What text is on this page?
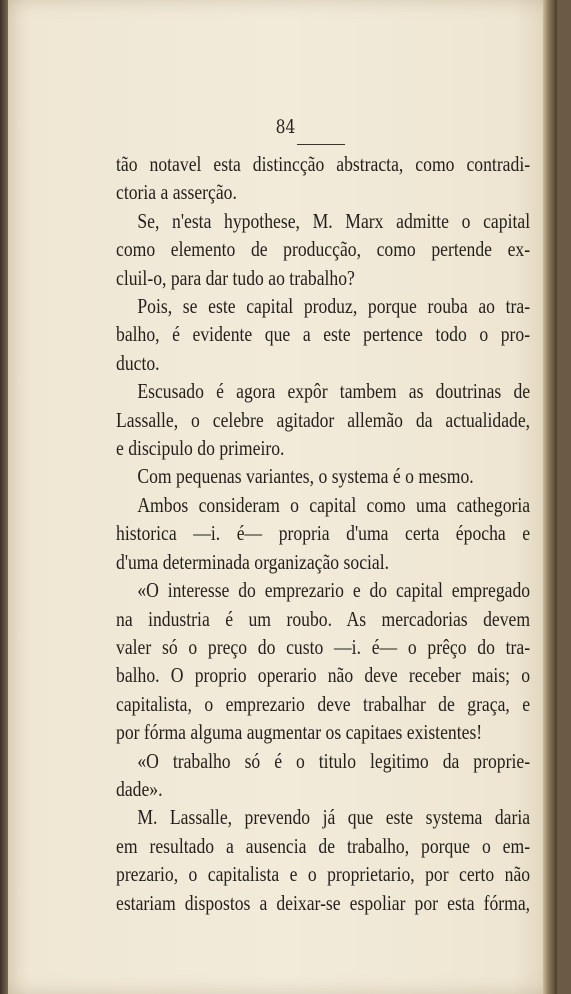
84
tão notavel esta distincção abstracta, como contradi-
ctoria a asserção.
Se, n'esta hypothese, M. Marx admitte o capital
como elemento de producção, como pertende ex-
cluil-o, para dar tudo ao trabalho?
Pois, se este capital produz, porque rouba ao tra-
balho, é evidente que a este pertence todo o pro-
ducto.
Escusado é agora expôr tambem as doutrinas de
Lassalle, o celebre agitador allemão da actualidade,
e discipulo do primeiro.
Com pequenas variantes, o systema é o mesmo.
Ambos consideram o capital como uma cathegoria
historica —i. é— propria d'uma certa épocha e
d'uma determinada organização social.
«O interesse do emprezario e do capital empregado
na industria é um roubo. As mercadorias devem
valer só o preço do custo —i. é— o prêço do tra-
balho. O proprio operario não deve receber mais; o
capitalista, o emprezario deve trabalhar de graça, e
por fórma alguma augmentar os capitaes existentes!
«O trabalho só é o titulo legitimo da proprie-
dade».
M. Lassalle, prevendo já que este systema daria
em resultado a ausencia de trabalho, porque o em-
prezario, o capitalista e o proprietario, por certo não
estariam dispostos a deixar-se espoliar por esta fórma,
